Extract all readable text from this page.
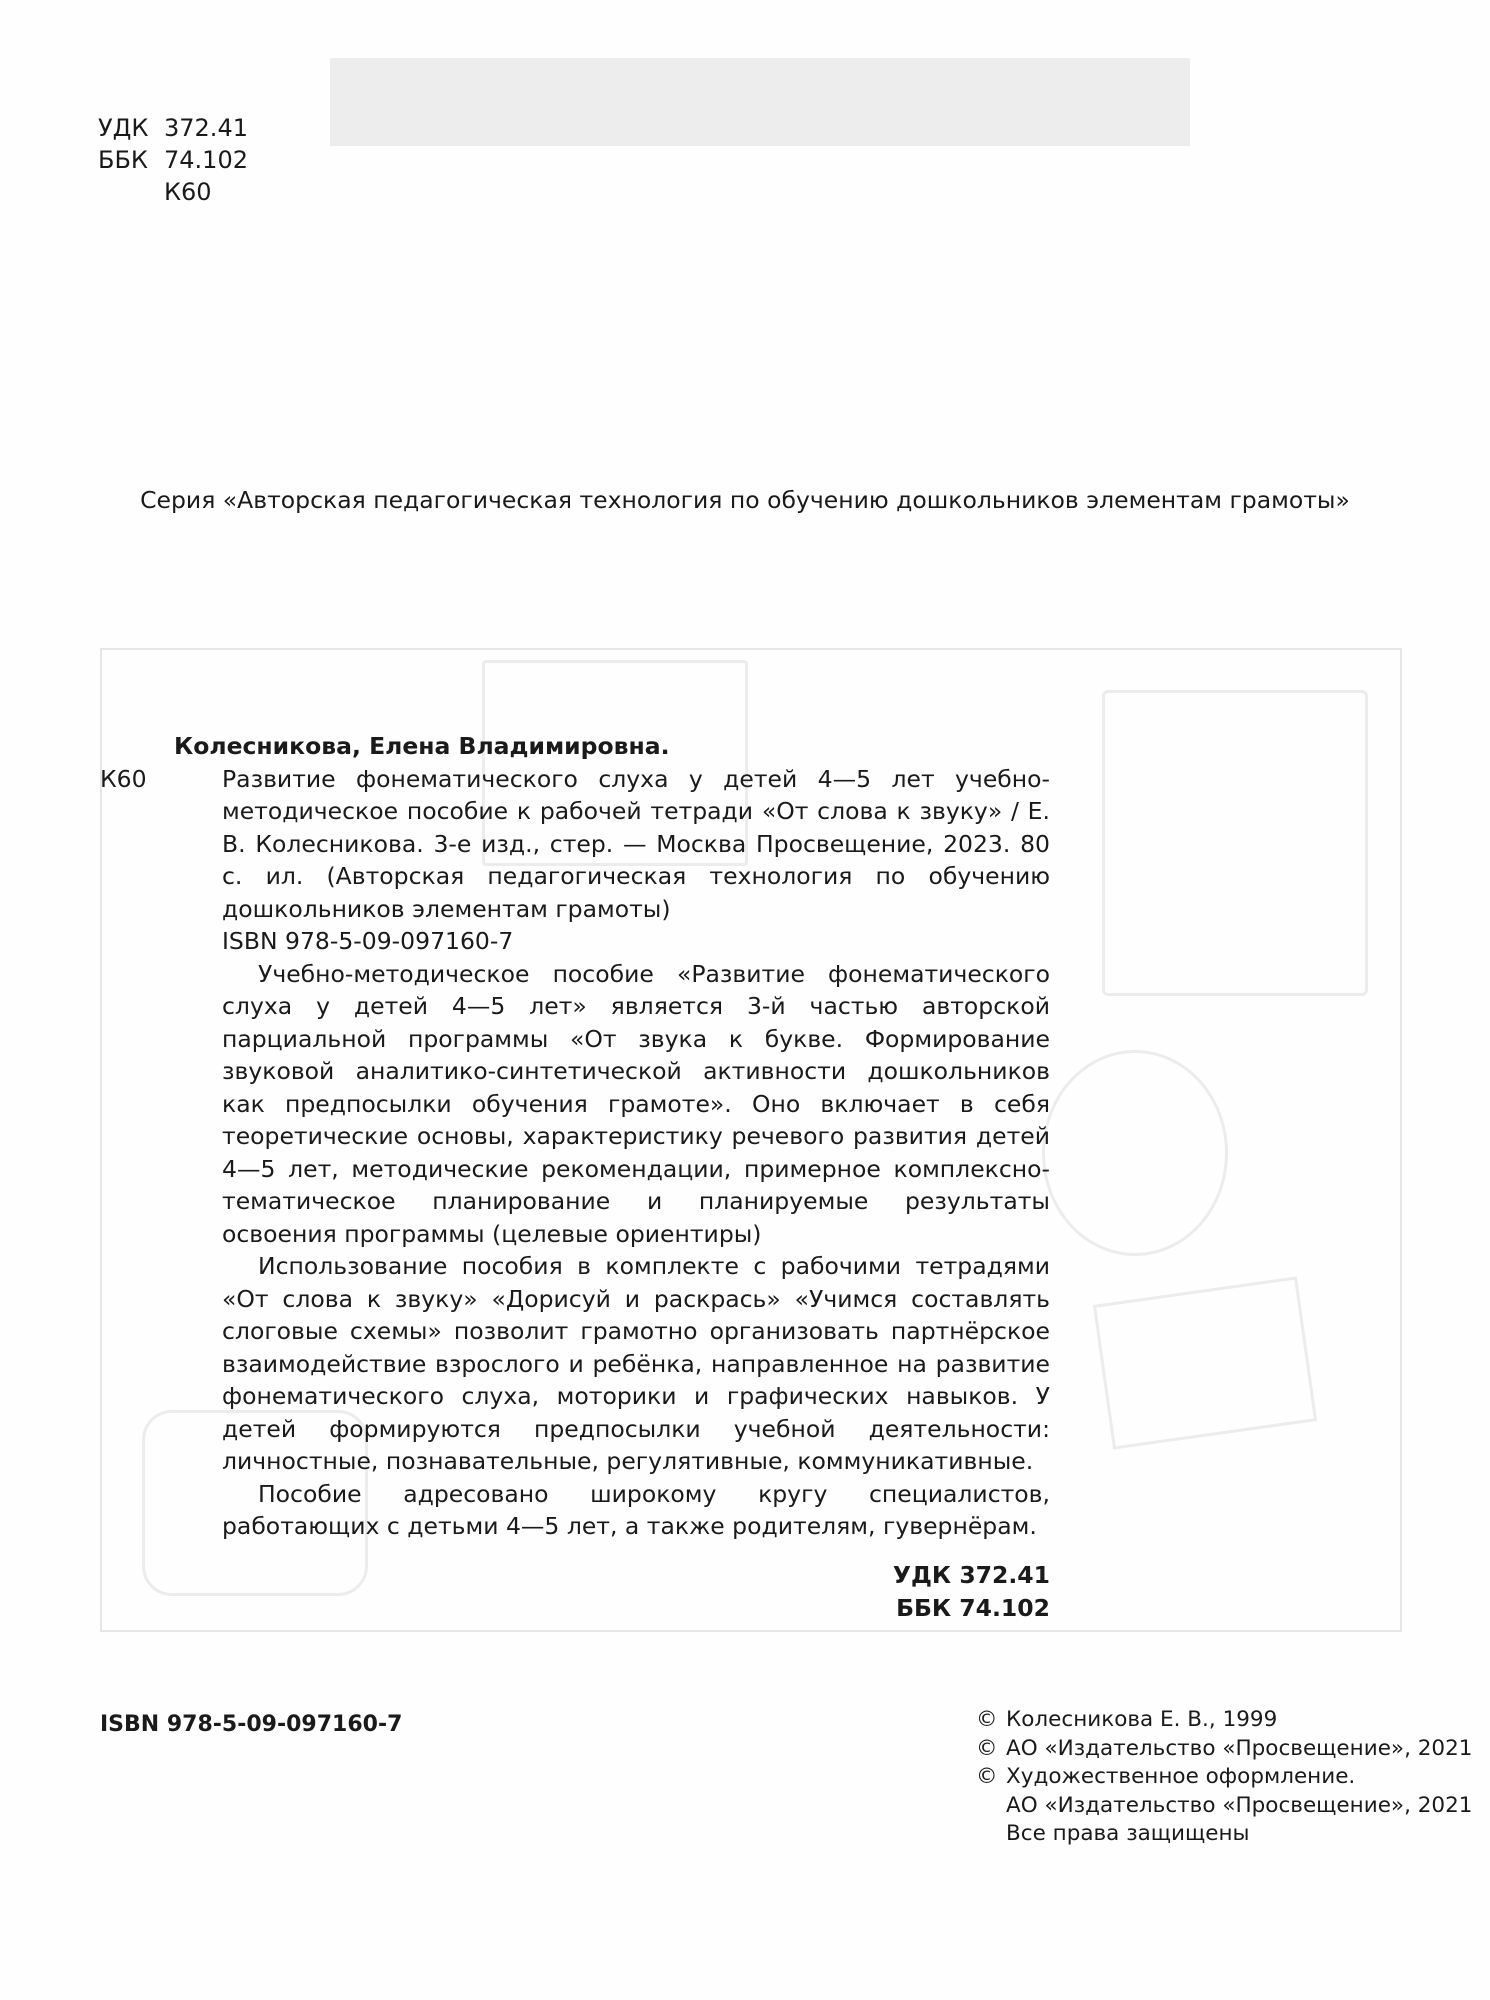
УДК 372.41
ББК 74.102
К60
Серия «Авторская педагогическая технология по обучению дошкольников элементам грамоты»
Колесникова, Елена Владимировна.
К60	Развитие фонематического слуха у детей 4—5 лет учебно-методическое пособие к рабочей тетради «От слова к звуку» / Е. В. Колесникова. 3-е изд., стер. — Москва Просвещение, 2023. 80 с. ил. (Авторская педагогическая технология по обучению дошкольников элементам грамоты)

ISBN 978-5-09-097160-7

Учебно-методическое пособие «Развитие фонематического слуха у детей 4—5 лет» является 3-й частью авторской парциальной программы «От звука к букве. Формирование звуковой аналитико-синтетической активности дошкольников как предпосылки обучения грамоте». Оно включает в себя теоретические основы, характеристику речевого развития детей 4—5 лет, методические рекомендации, примерное комплексно-тематическое планирование и планируемые результаты освоения программы (целевые ориентиры)

Использование пособия в комплекте с рабочими тетрадями «От слова к звуку» «Дорисуй и раскрась» «Учимся составлять слоговые схемы» позволит грамотно организовать партнёрское взаимодействие взрослого и ребёнка, направленное на развитие фонематического слуха, моторики и графических навыков. У детей формируются предпосылки учебной деятельности: личностные, познавательные, регулятивные, коммуникативные.

Пособие адресовано широкому кругу специалистов, работающих с детьми 4—5 лет, а также родителям, гувернёрам.

УДК 372.41
ББК 74.102
ISBN 978-5-09-097160-7	© Колесникова Е. В., 1999
© АО «Издательство «Просвещение», 2021
© Художественное оформление.
АО «Издательство «Просвещение», 2021
Все права защищены
